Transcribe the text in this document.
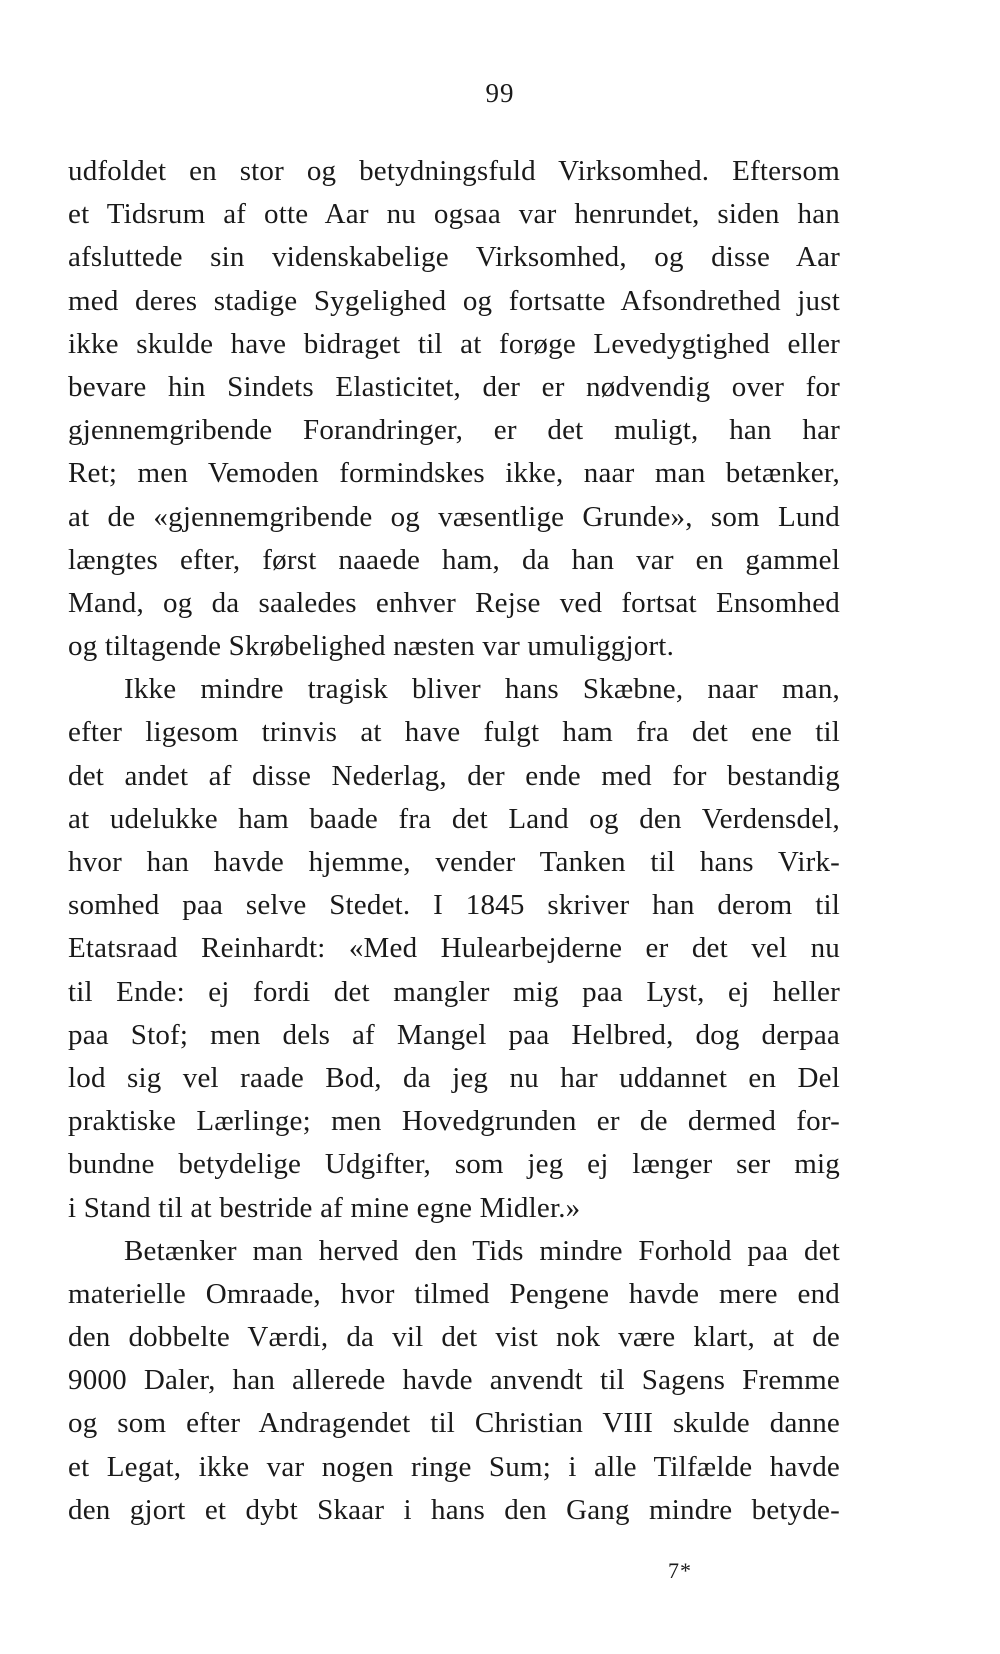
99
udfoldet en stor og betydningsfuld Virksomhed. Eftersom
et Tidsrum af otte Aar nu ogsaa var henrundet, siden han
afsluttede sin videnskabelige Virksomhed, og disse Aar
med deres stadige Sygelighed og fortsatte Afsondrethed just
ikke skulde have bidraget til at forøge Levedygtighed eller
bevare hin Sindets Elasticitet, der er nødvendig over for
gjennemgribende Forandringer, er det muligt, han har
Ret; men Vemoden formindskes ikke, naar man betænker,
at de «gjennemgribende og væsentlige Grunde», som Lund
længtes efter, først naaede ham, da han var en gammel
Mand, og da saaledes enhver Rejse ved fortsat Ensomhed
og tiltagende Skrøbelighed næsten var umuliggjort.
Ikke mindre tragisk bliver hans Skæbne, naar man,
efter ligesom trinvis at have fulgt ham fra det ene til
det andet af disse Nederlag, der ende med for bestandig
at udelukke ham baade fra det Land og den Verdensdel,
hvor han havde hjemme, vender Tanken til hans Virk-
somhed paa selve Stedet. I 1845 skriver han derom til
Etatsraad Reinhardt: «Med Hulearbejderne er det vel nu
til Ende: ej fordi det mangler mig paa Lyst, ej heller
paa Stof; men dels af Mangel paa Helbred, dog derpaa
lod sig vel raade Bod, da jeg nu har uddannet en Del
praktiske Lærlinge; men Hovedgrunden er de dermed for-
bundne betydelige Udgifter, som jeg ej længer ser mig
i Stand til at bestride af mine egne Midler.»
Betænker man herved den Tids mindre Forhold paa det
materielle Omraade, hvor tilmed Pengene havde mere end
den dobbelte Værdi, da vil det vist nok være klart, at de
9000 Daler, han allerede havde anvendt til Sagens Fremme
og som efter Andragendet til Christian VIII skulde danne
et Legat, ikke var nogen ringe Sum; i alle Tilfælde havde
den gjort et dybt Skaar i hans den Gang mindre betyde-
7*
